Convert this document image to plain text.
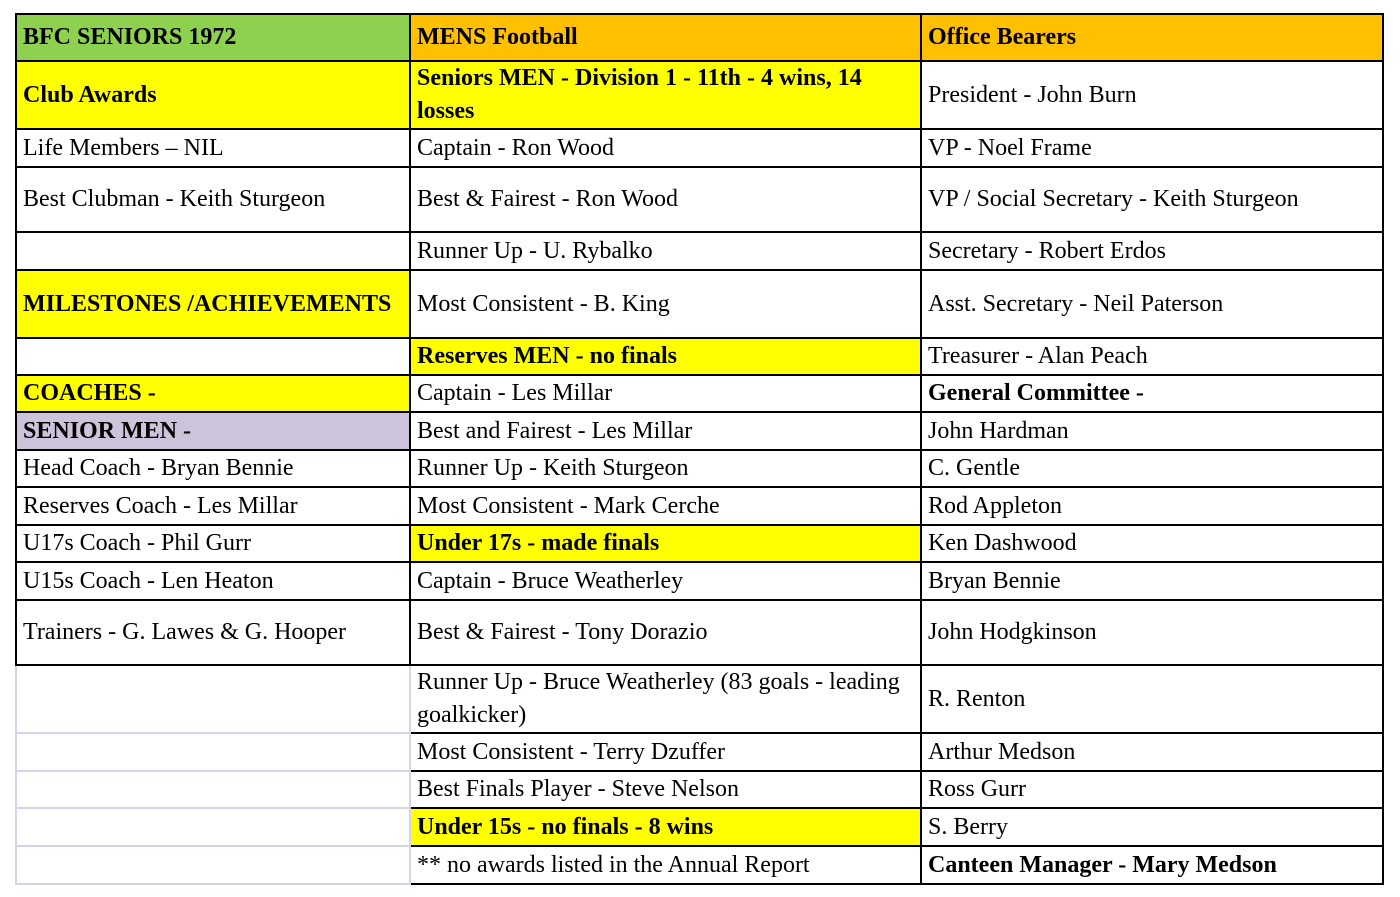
BFC SENIORS 1972	MENS Football	Office Bearers
Club Awards	Seniors MEN - Division 1 - 11th - 4 wins, 14 losses	President - John Burn
Life Members – NIL	Captain - Ron Wood	VP - Noel Frame
Best Clubman - Keith Sturgeon	Best & Fairest - Ron Wood	VP / Social Secretary - Keith Sturgeon
	Runner Up - U. Rybalko	Secretary - Robert Erdos
MILESTONES /ACHIEVEMENTS	Most Consistent - B. King	Asst. Secretary - Neil Paterson
	Reserves MEN - no finals	Treasurer - Alan Peach
COACHES -	Captain - Les Millar	General Committee -
SENIOR MEN -	Best and Fairest - Les Millar	John Hardman
Head Coach - Bryan Bennie	Runner Up - Keith Sturgeon	C. Gentle
Reserves Coach - Les Millar	Most Consistent - Mark Cerche	Rod Appleton
U17s Coach - Phil Gurr	Under 17s - made finals	Ken Dashwood
U15s Coach - Len Heaton	Captain - Bruce Weatherley	Bryan Bennie
Trainers - G. Lawes & G. Hooper	Best & Fairest - Tony Dorazio	John Hodgkinson
	Runner Up - Bruce Weatherley (83 goals - leading goalkicker)	R. Renton
	Most Consistent - Terry Dzuffer	Arthur Medson
	Best Finals Player - Steve Nelson	Ross Gurr
	Under 15s - no finals - 8 wins	S. Berry
	** no awards listed in the Annual Report	Canteen Manager - Mary Medson
